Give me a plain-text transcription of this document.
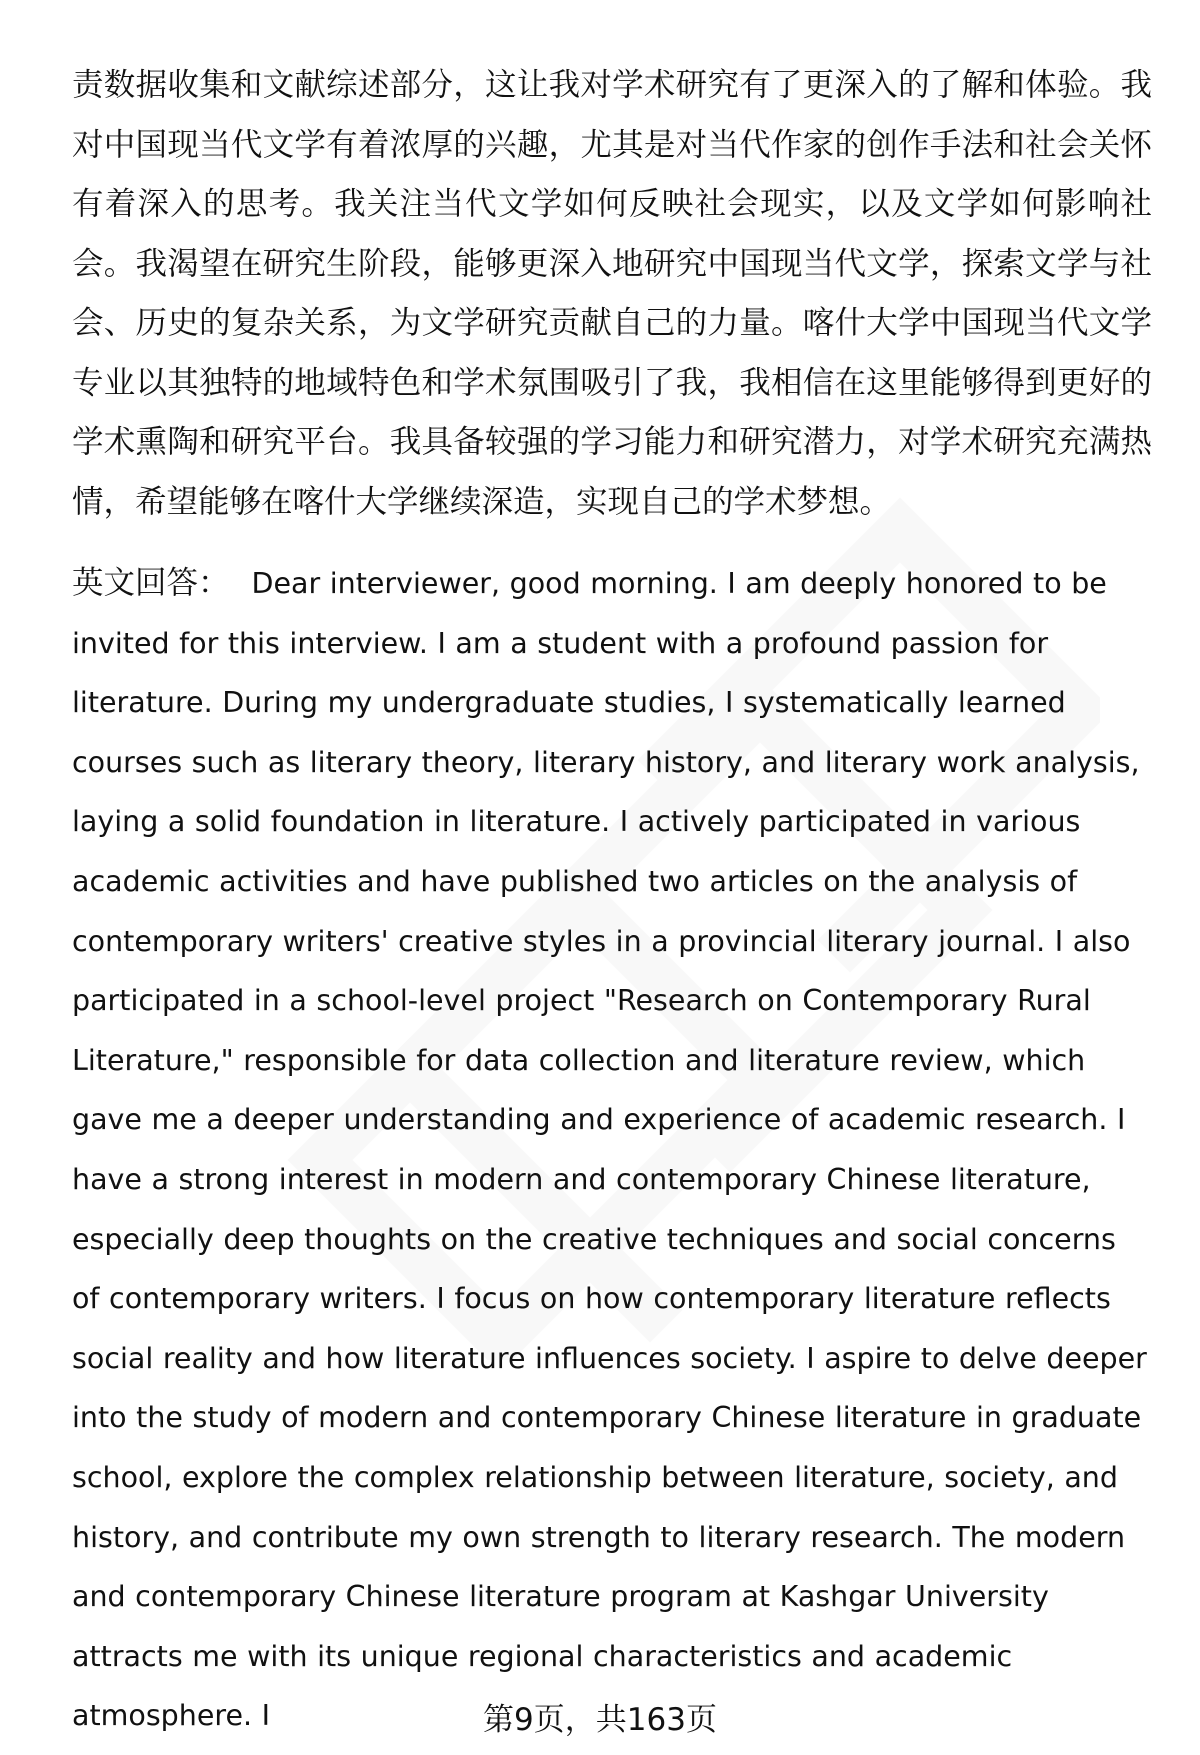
责数据收集和文献综述部分，这让我对学术研究有了更深入的了解和体验。我对中国现当代文学有着浓厚的兴趣，尤其是对当代作家的创作手法和社会关怀有着深入的思考。我关注当代文学如何反映社会现实，以及文学如何影响社会。我渴望在研究生阶段，能够更深入地研究中国现当代文学，探索文学与社会、历史的复杂关系，为文学研究贡献自己的力量。喀什大学中国现当代文学专业以其独特的地域特色和学术氛围吸引了我，我相信在这里能够得到更好的学术熏陶和研究平台。我具备较强的学习能力和研究潜力，对学术研究充满热情，希望能够在喀什大学继续深造，实现自己的学术梦想。

英文回答： Dear interviewer, good morning. I am deeply honored to be invited for this interview. I am a student with a profound passion for literature. During my undergraduate studies, I systematically learned courses such as literary theory, literary history, and literary work analysis, laying a solid foundation in literature. I actively participated in various academic activities and have published two articles on the analysis of contemporary writers' creative styles in a provincial literary journal. I also participated in a school-level project "Research on Contemporary Rural Literature," responsible for data collection and literature review, which gave me a deeper understanding and experience of academic research. I have a strong interest in modern and contemporary Chinese literature, especially deep thoughts on the creative techniques and social concerns of contemporary writers. I focus on how contemporary literature reflects social reality and how literature influences society. I aspire to delve deeper into the study of modern and contemporary Chinese literature in graduate school, explore the complex relationship between literature, society, and history, and contribute my own strength to literary research. The modern and contemporary Chinese literature program at Kashgar University attracts me with its unique regional characteristics and academic atmosphere. I	第9页，共163页
